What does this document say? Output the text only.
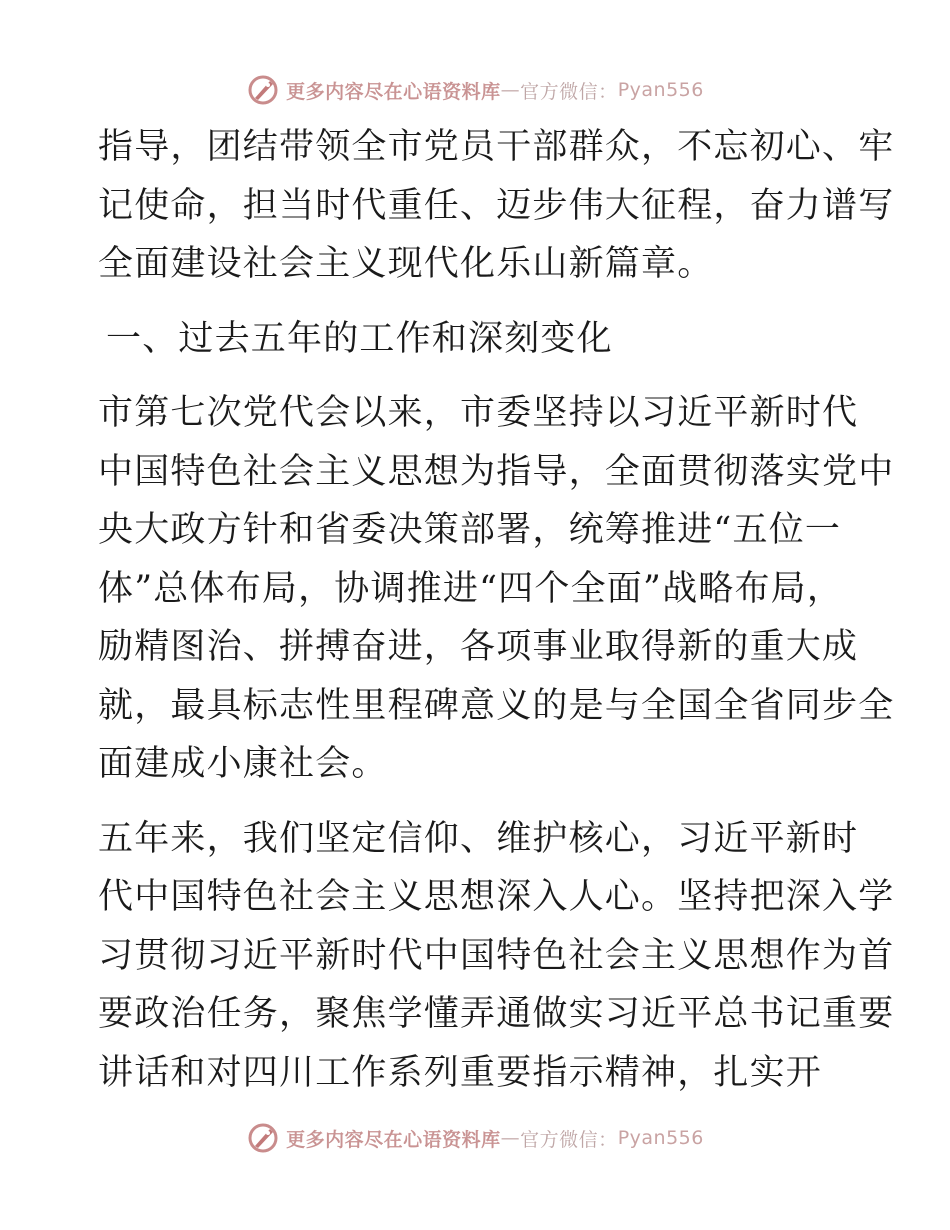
更多内容尽在心语资料库 — 官方微信： Pyan556

指导，团结带领全市党员干部群众，不忘初心、牢
记使命，担当时代重任、迈步伟大征程，奋力谱写
全面建设社会主义现代化乐山新篇章。

一、过去五年的工作和深刻变化

市第七次党代会以来，市委坚持以习近平新时代
中国特色社会主义思想为指导，全面贯彻落实党中
央大政方针和省委决策部署，统筹推进“五位一
体”总体布局，协调推进“四个全面”战略布局，
励精图治、拼搏奋进，各项事业取得新的重大成
就，最具标志性里程碑意义的是与全国全省同步全
面建成小康社会。

五年来，我们坚定信仰、维护核心，习近平新时
代中国特色社会主义思想深入人心。坚持把深入学
习贯彻习近平新时代中国特色社会主义思想作为首
要政治任务，聚焦学懂弄通做实习近平总书记重要
讲话和对四川工作系列重要指示精神，扎实开

更多内容尽在心语资料库 — 官方微信： Pyan556
